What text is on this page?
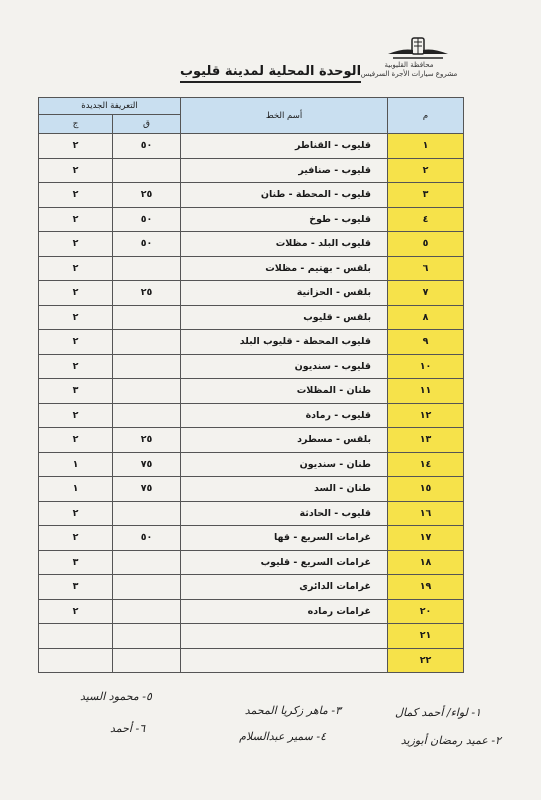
محافظة القليوبية
مشروع سيارات الأجرة السرفيس
الوحدة المحلية لمدينة قليوب
م	أسم الخط	التعريفة الجديدة	
		ق	ج
١	قليوب - القناطر	٥٠	٢
٢	قليوب - صنافير		٢
٣	قليوب - المحطة - طنان	٢٥	٢
٤	قليوب - طوخ	٥٠	٢
٥	قليوب البلد - مظلات	٥٠	٢
٦	بلقس - بهتيم - مظلات		٢
٧	بلقس - الحزانية	٢٥	٢
٨	بلقس - قليوب		٢
٩	قليوب المحطة - قليوب البلد		٢
١٠	قليوب - سنديون		٢
١١	طنان - المظلات		٣
١٢	قليوب - رمادة		٢
١٣	بلقس - مسطرد	٢٥	٢
١٤	طنان - سنديون	٧٥	١
١٥	طنان - السد	٧٥	١
١٦	قليوب - الحادثة		٢
١٧	غرامات السريع - قها	٥٠	٢
١٨	غرامات السريع - قليوب		٣
١٩	غرامات الدائرى		٣
٢٠	غرامات رماده		٢
٢١			
٢٢			
١- لواء/ أحمد كمال
٢- عميد رمضان أبوزيد
٣- ماهر زكريا المحمد
٤- سمير عبدالسلام
٥- محمود السيد
٦- أحمد
